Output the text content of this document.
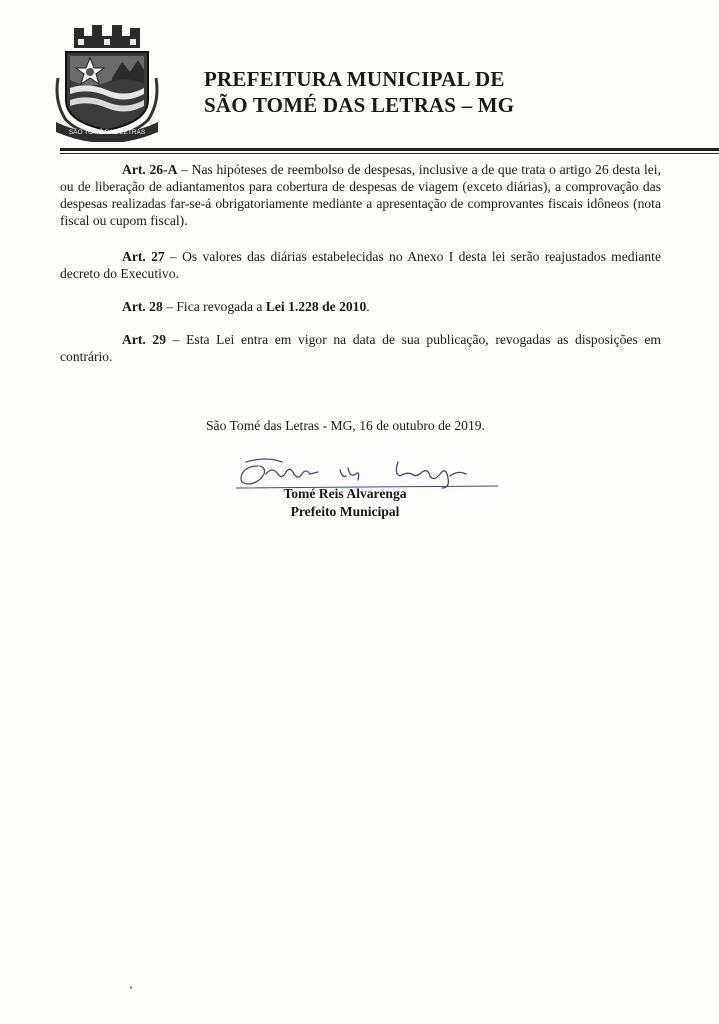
SÃO TOMÉ DAS LETRAS
PREFEITURA MUNICIPAL DE
SÃO TOMÉ DAS LETRAS – MG

Art. 26-A – Nas hipóteses de reembolso de despesas, inclusive a de que trata o artigo 26 desta lei, ou de liberação de adiantamentos para cobertura de despesas de viagem (exceto diárias), a comprovação das despesas realizadas far-se-á obrigatoriamente mediante a apresentação de comprovantes fiscais idôneos (nota fiscal ou cupom fiscal).

Art. 27 – Os valores das diárias estabelecidas no Anexo I desta lei serão reajustados mediante decreto do Executivo.

Art. 28 – Fica revogada a Lei 1.228 de 2010.

Art. 29 – Esta Lei entra em vigor na data de sua publicação, revogadas as disposições em contrário.

São Tomé das Letras - MG, 16 de outubro de 2019.
Tomé Reis Alvarenga
Prefeito Municipal
